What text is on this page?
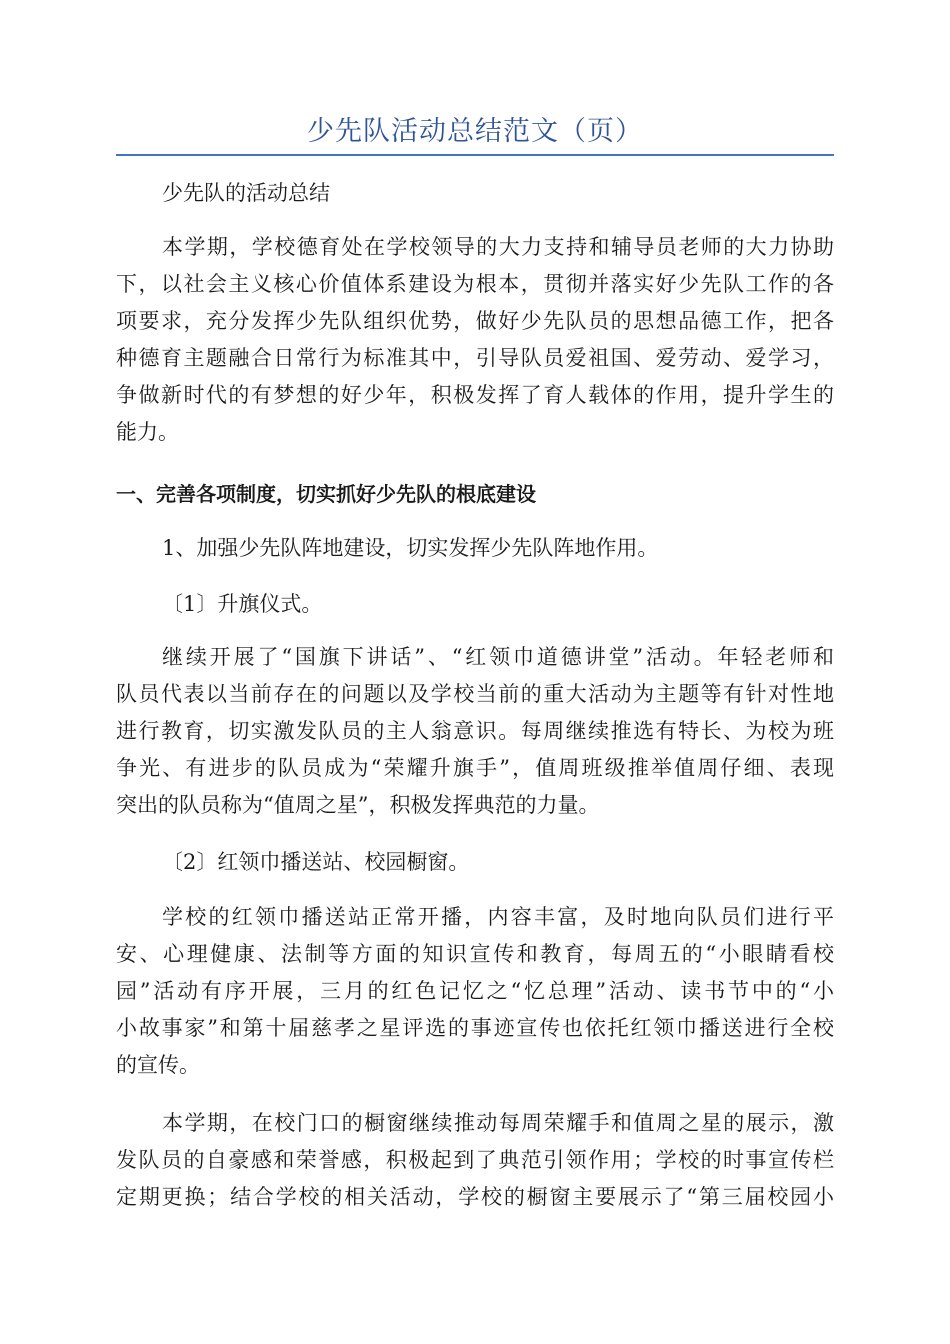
少先队活动总结范文（页）
少先队的活动总结
本学期，学校德育处在学校领导的大力支持和辅导员老师的大力协助
下，以社会主义核心价值体系建设为根本，贯彻并落实好少先队工作的各
项要求，充分发挥少先队组织优势，做好少先队员的思想品德工作，把各
种德育主题融合日常行为标准其中，引导队员爱祖国、爱劳动、爱学习，
争做新时代的有梦想的好少年，积极发挥了育人载体的作用，提升学生的
能力。
一、完善各项制度，切实抓好少先队的根底建设
1、加强少先队阵地建设，切实发挥少先队阵地作用。
〔1〕升旗仪式。
继续开展了“国旗下讲话”、“红领巾道德讲堂”活动。年轻老师和
队员代表以当前存在的问题以及学校当前的重大活动为主题等有针对性地
进行教育，切实激发队员的主人翁意识。每周继续推选有特长、为校为班
争光、有进步的队员成为“荣耀升旗手”，值周班级推举值周仔细、表现
突出的队员称为“值周之星”，积极发挥典范的力量。
〔2〕红领巾播送站、校园橱窗。
学校的红领巾播送站正常开播，内容丰富，及时地向队员们进行平
安、心理健康、法制等方面的知识宣传和教育，每周五的“小眼睛看校
园”活动有序开展，三月的红色记忆之“忆总理”活动、读书节中的“小
小故事家”和第十届慈孝之星评选的事迹宣传也依托红领巾播送进行全校
的宣传。
本学期，在校门口的橱窗继续推动每周荣耀手和值周之星的展示，激
发队员的自豪感和荣誉感，积极起到了典范引领作用；学校的时事宣传栏
定期更换；结合学校的相关活动，学校的橱窗主要展示了“第三届校园小
